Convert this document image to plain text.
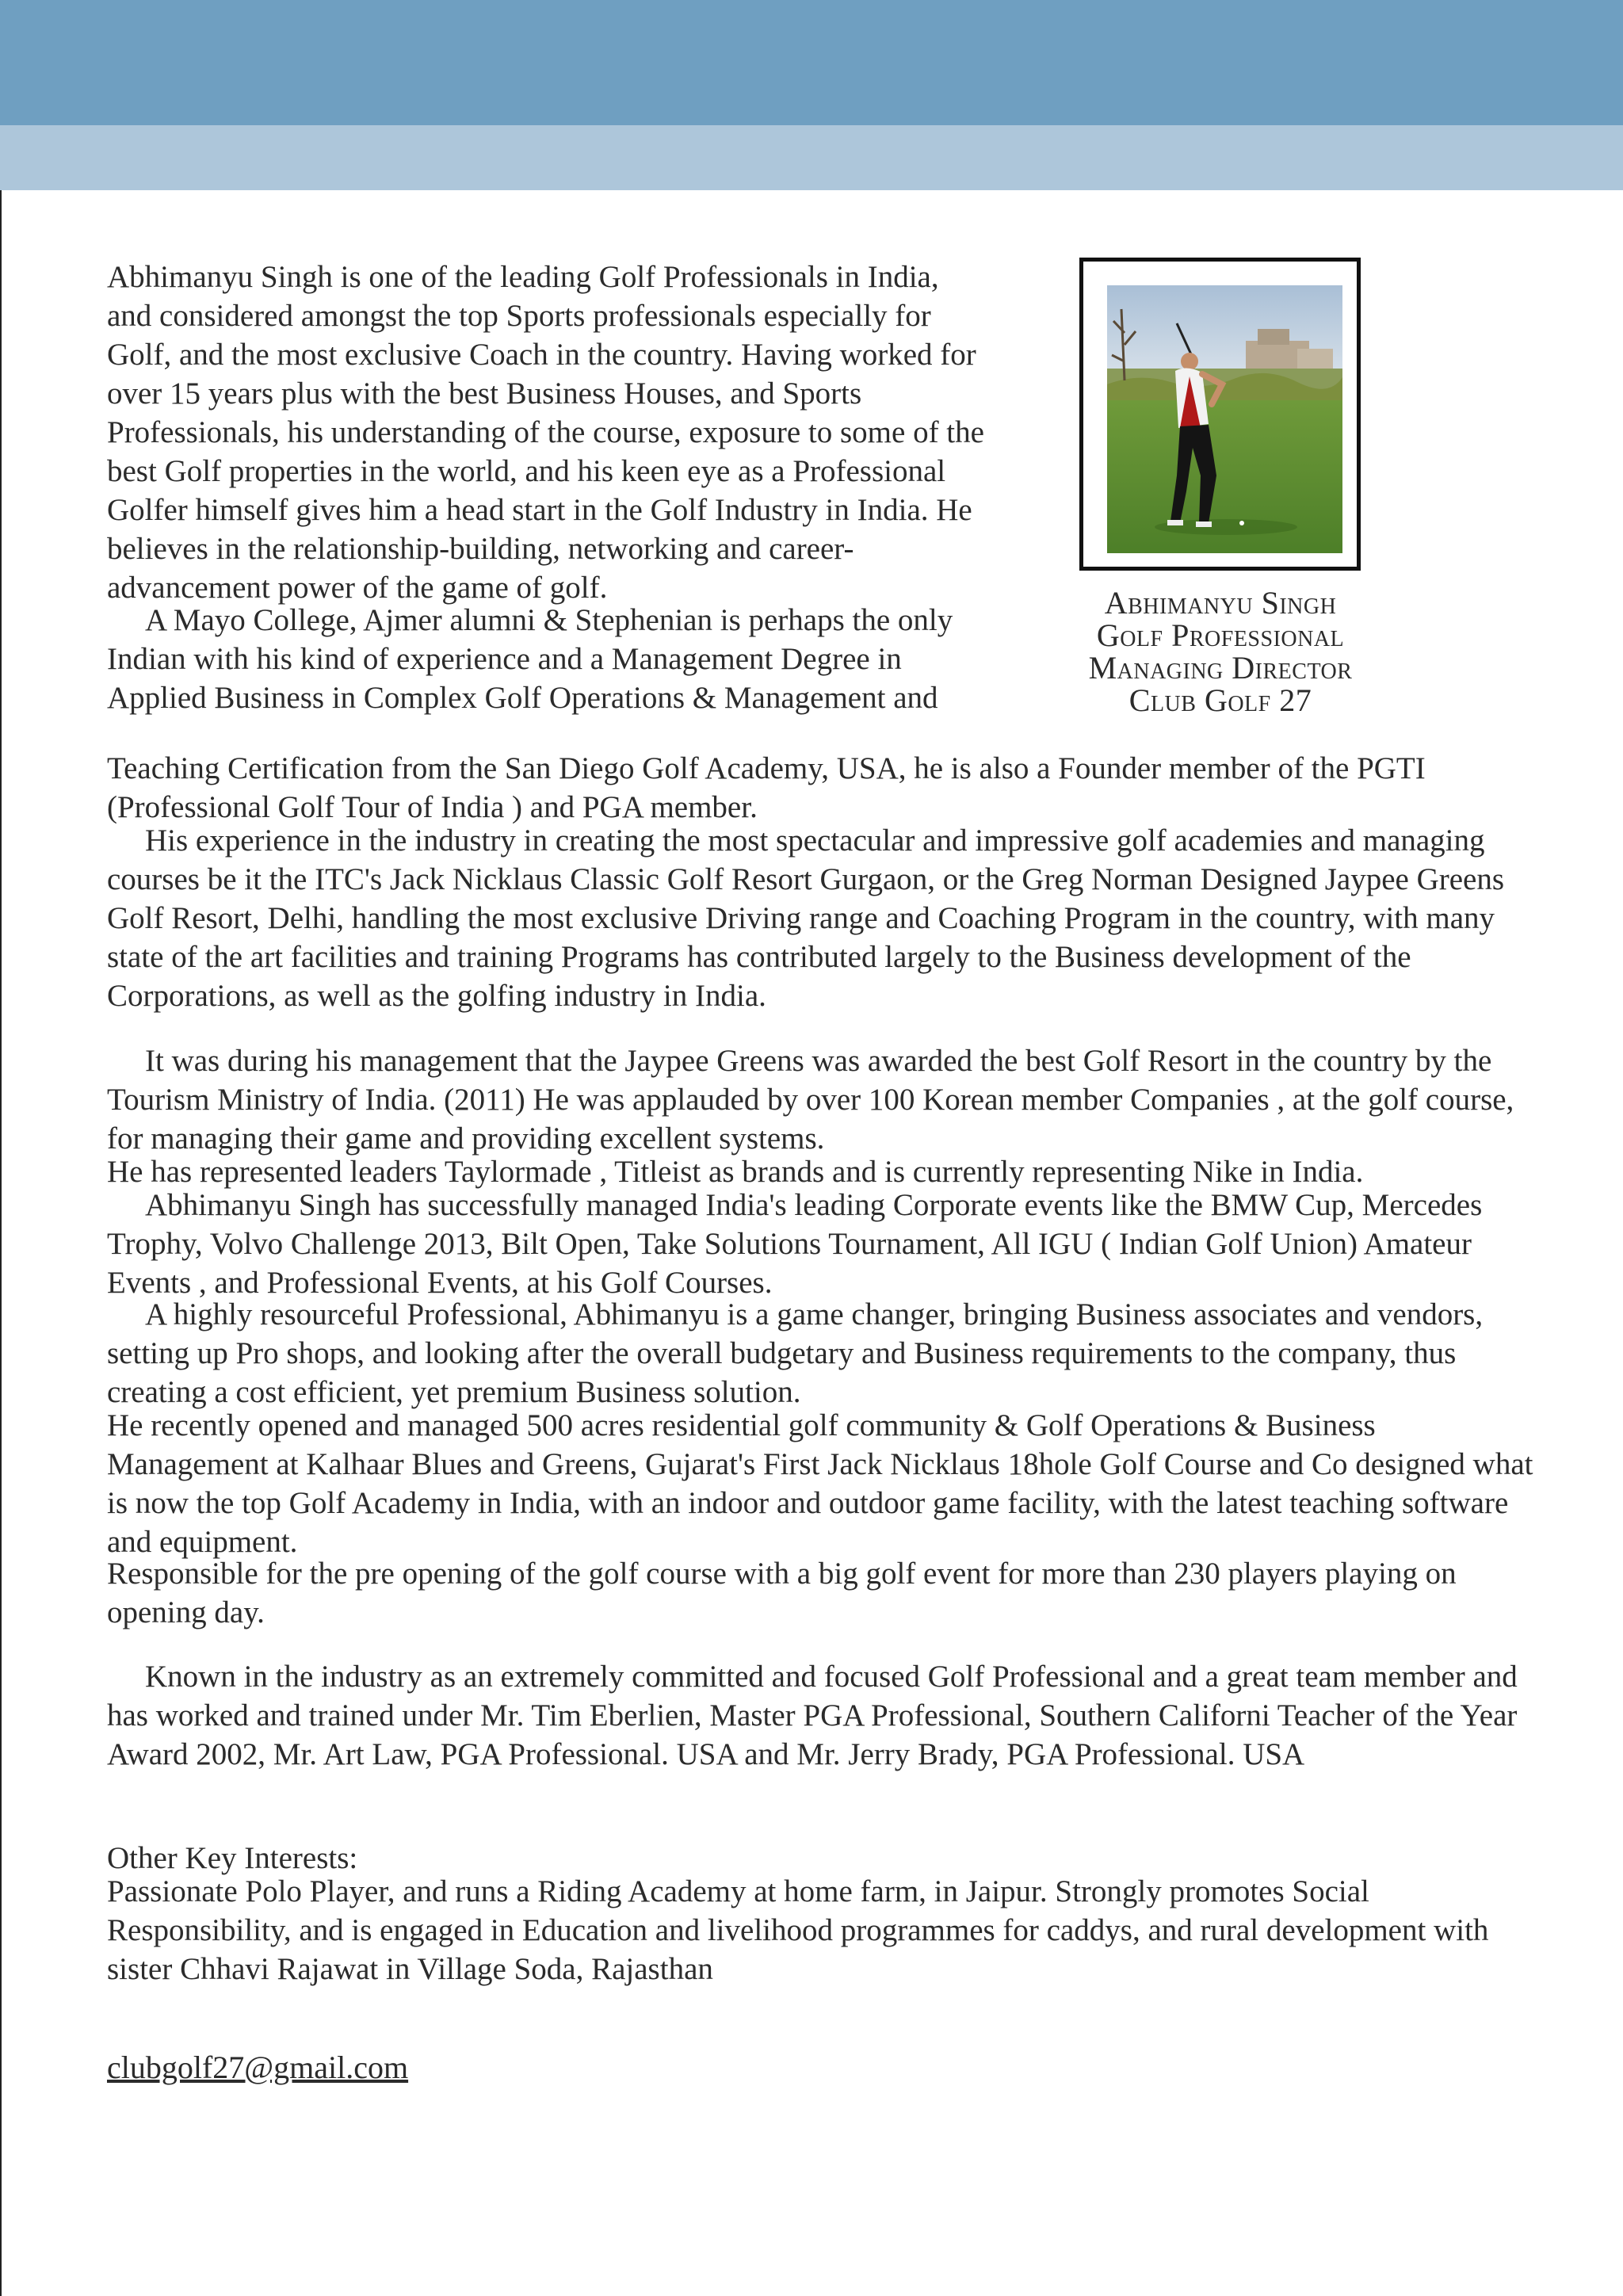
Abhimanyu Singh is one of the leading Golf Professionals in India, and considered amongst the top Sports professionals especially for Golf, and the most exclusive Coach in the country. Having worked for over 15 years plus with the best Business Houses, and Sports Professionals, his understanding of the course, exposure to some of the best Golf properties in the world, and his keen eye as a Professional Golfer himself gives him a head start in the Golf Industry in India. He believes in the relationship-building, networking and career-advancement power of the game of golf.

A Mayo College, Ajmer alumni & Stephenian is perhaps the only Indian with his kind of experience and a Management Degree in Applied Business in Complex Golf Operations & Management and

Abhimanyu Singh
Golf Professional
Managing Director
Club Golf 27

Teaching Certification from the San Diego Golf Academy, USA, he is also a Founder member of the PGTI (Professional Golf Tour of India ) and PGA member.

His experience in the industry in creating the most spectacular and impressive golf academies and managing courses be it the ITC's Jack Nicklaus Classic Golf Resort Gurgaon, or the Greg Norman Designed Jaypee Greens Golf Resort, Delhi, handling the most exclusive Driving range and Coaching Program in the country, with many state of the art facilities and training Programs has contributed largely to the Business development of the Corporations, as well as the golfing industry in India.

It was during his management that the Jaypee Greens was awarded the best Golf Resort in the country by the Tourism Ministry of India. (2011) He was applauded by over 100 Korean member Companies , at the golf course, for managing their game and providing excellent systems.

He has represented leaders Taylormade , Titleist as brands and is currently representing Nike in India.

Abhimanyu Singh has successfully managed India's leading Corporate events like the BMW Cup, Mercedes Trophy, Volvo Challenge 2013, Bilt Open, Take Solutions Tournament, All IGU ( Indian Golf Union) Amateur Events , and Professional Events, at his Golf Courses.

A highly resourceful Professional, Abhimanyu is a game changer, bringing Business associates and vendors, setting up Pro shops, and looking after the overall budgetary and Business requirements to the company, thus creating a cost efficient, yet premium Business solution.

He recently opened and managed 500 acres residential golf community & Golf Operations & Business Management at Kalhaar Blues and Greens, Gujarat's First Jack Nicklaus 18hole Golf Course and Co designed what is now the top Golf Academy in India, with an indoor and outdoor game facility, with the latest teaching software and equipment.

Responsible for the pre opening of the golf course with a big golf event for more than 230 players playing on opening day.

Known in the industry as an extremely committed and focused Golf Professional and a great team member and has worked and trained under Mr. Tim Eberlien, Master PGA Professional, Southern Californi Teacher of the Year Award 2002, Mr. Art Law, PGA Professional. USA and Mr. Jerry Brady, PGA Professional. USA

Other Key Interests:

Passionate Polo Player, and runs a Riding Academy at home farm, in Jaipur. Strongly promotes Social Responsibility, and is engaged in Education and livelihood programmes for caddys, and rural development with sister Chhavi Rajawat in Village Soda, Rajasthan

clubgolf27@gmail.com
